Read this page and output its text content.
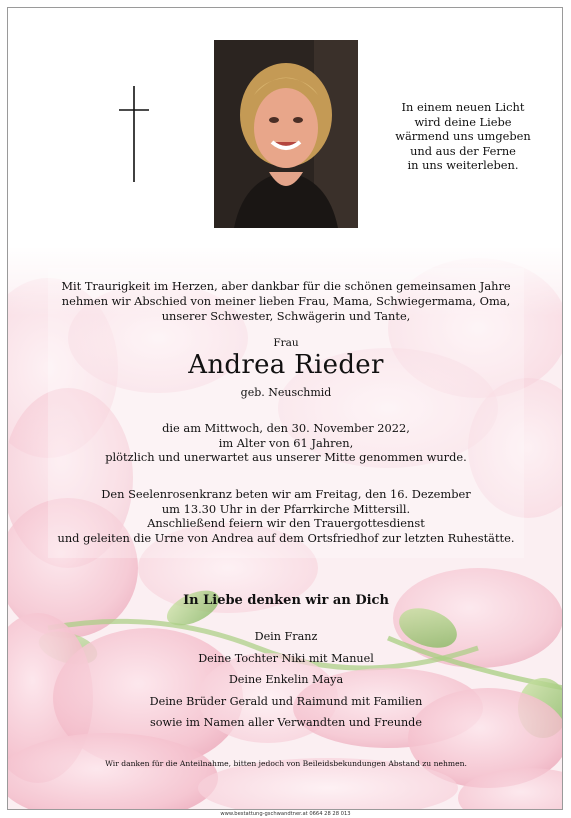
In einem neuen Licht
wird deine Liebe
wärmend uns umgeben
und aus der Ferne
in uns weiterleben.
Mit Traurigkeit im Herzen, aber dankbar für die schönen gemeinsamen Jahre
nehmen wir Abschied von meiner lieben Frau, Mama, Schwiegermama, Oma,
unserer Schwester, Schwägerin und Tante,
Frau
Andrea Rieder
geb. Neuschmid
die am Mittwoch, den 30. November 2022,
im Alter von 61 Jahren,
plötzlich und unerwartet aus unserer Mitte genommen wurde.
Den Seelenrosenkranz beten wir am Freitag, den 16. Dezember
um 13.30 Uhr in der Pfarrkirche Mittersill.
Anschließend feiern wir den Trauergottesdienst
und geleiten die Urne von Andrea auf dem Ortsfriedhof zur letzten Ruhestätte.
In Liebe denken wir an Dich
Dein Franz
Deine Tochter Niki mit Manuel
Deine Enkelin Maya
Deine Brüder Gerald und Raimund mit Familien
sowie im Namen aller Verwandten und Freunde
Wir danken für die Anteilnahme, bitten jedoch von Beileidsbekundungen Abstand zu nehmen.
www.bestattung-gschwandtner.at 0664 28 28 013
